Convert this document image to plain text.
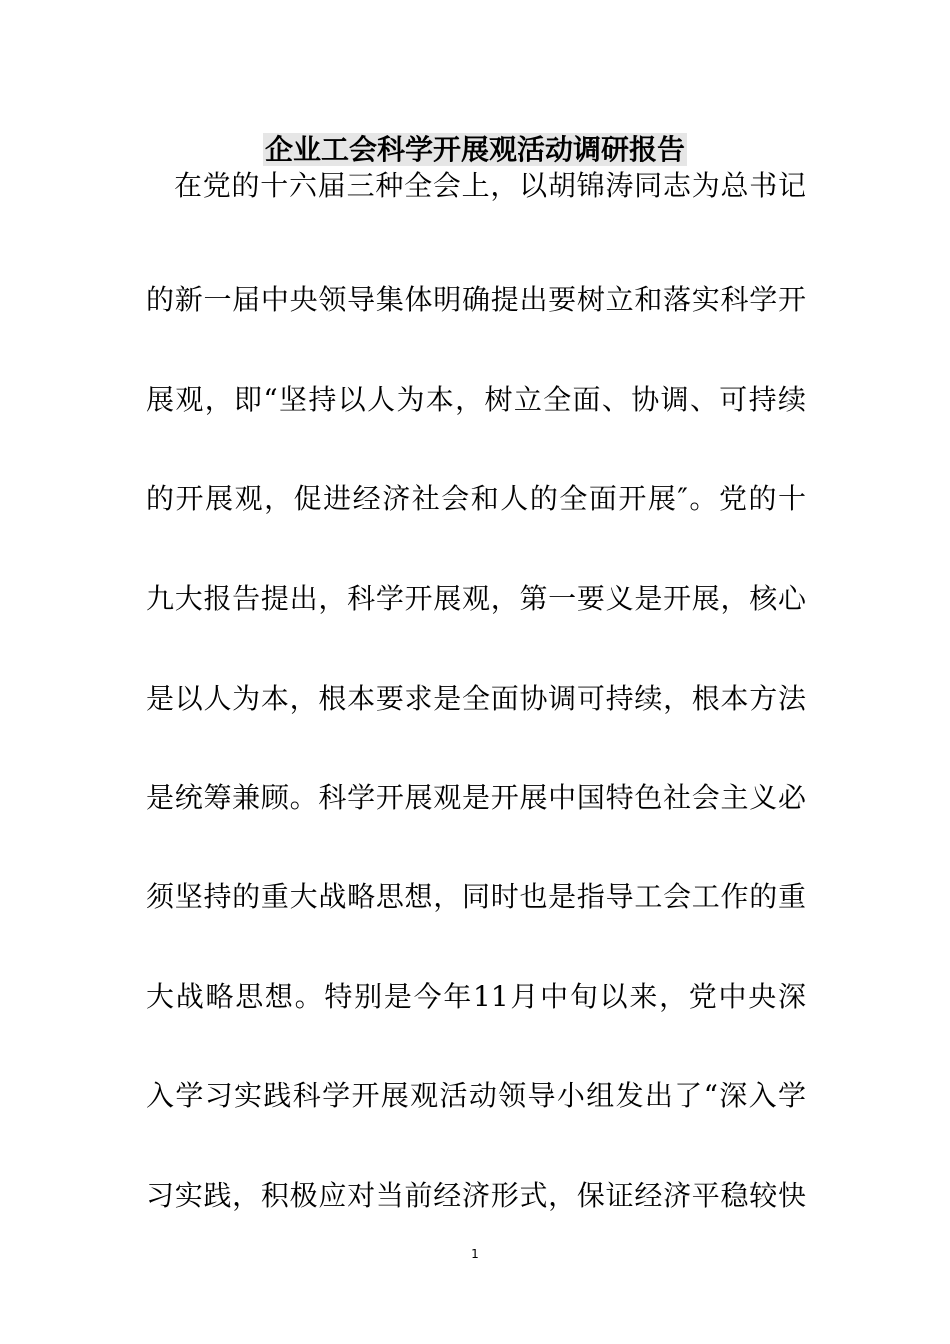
企业工会科学开展观活动调研报告

在党的十六届三种全会上，以胡锦涛同志为总书记

的新一届中央领导集体明确提出要树立和落实科学开

展观，即“坚持以人为本，树立全面、协调、可持续

的开展观，促进经济社会和人的全面开展″。党的十

九大报告提出，科学开展观，第一要义是开展，核心

是以人为本，根本要求是全面协调可持续，根本方法

是统筹兼顾。科学开展观是开展中国特色社会主义必

须坚持的重大战略思想，同时也是指导工会工作的重

大战略思想。特别是今年11月中旬以来，党中央深

入学习实践科学开展观活动领导小组发出了“深入学

习实践，积极应对当前经济形式，保证经济平稳较快

1
